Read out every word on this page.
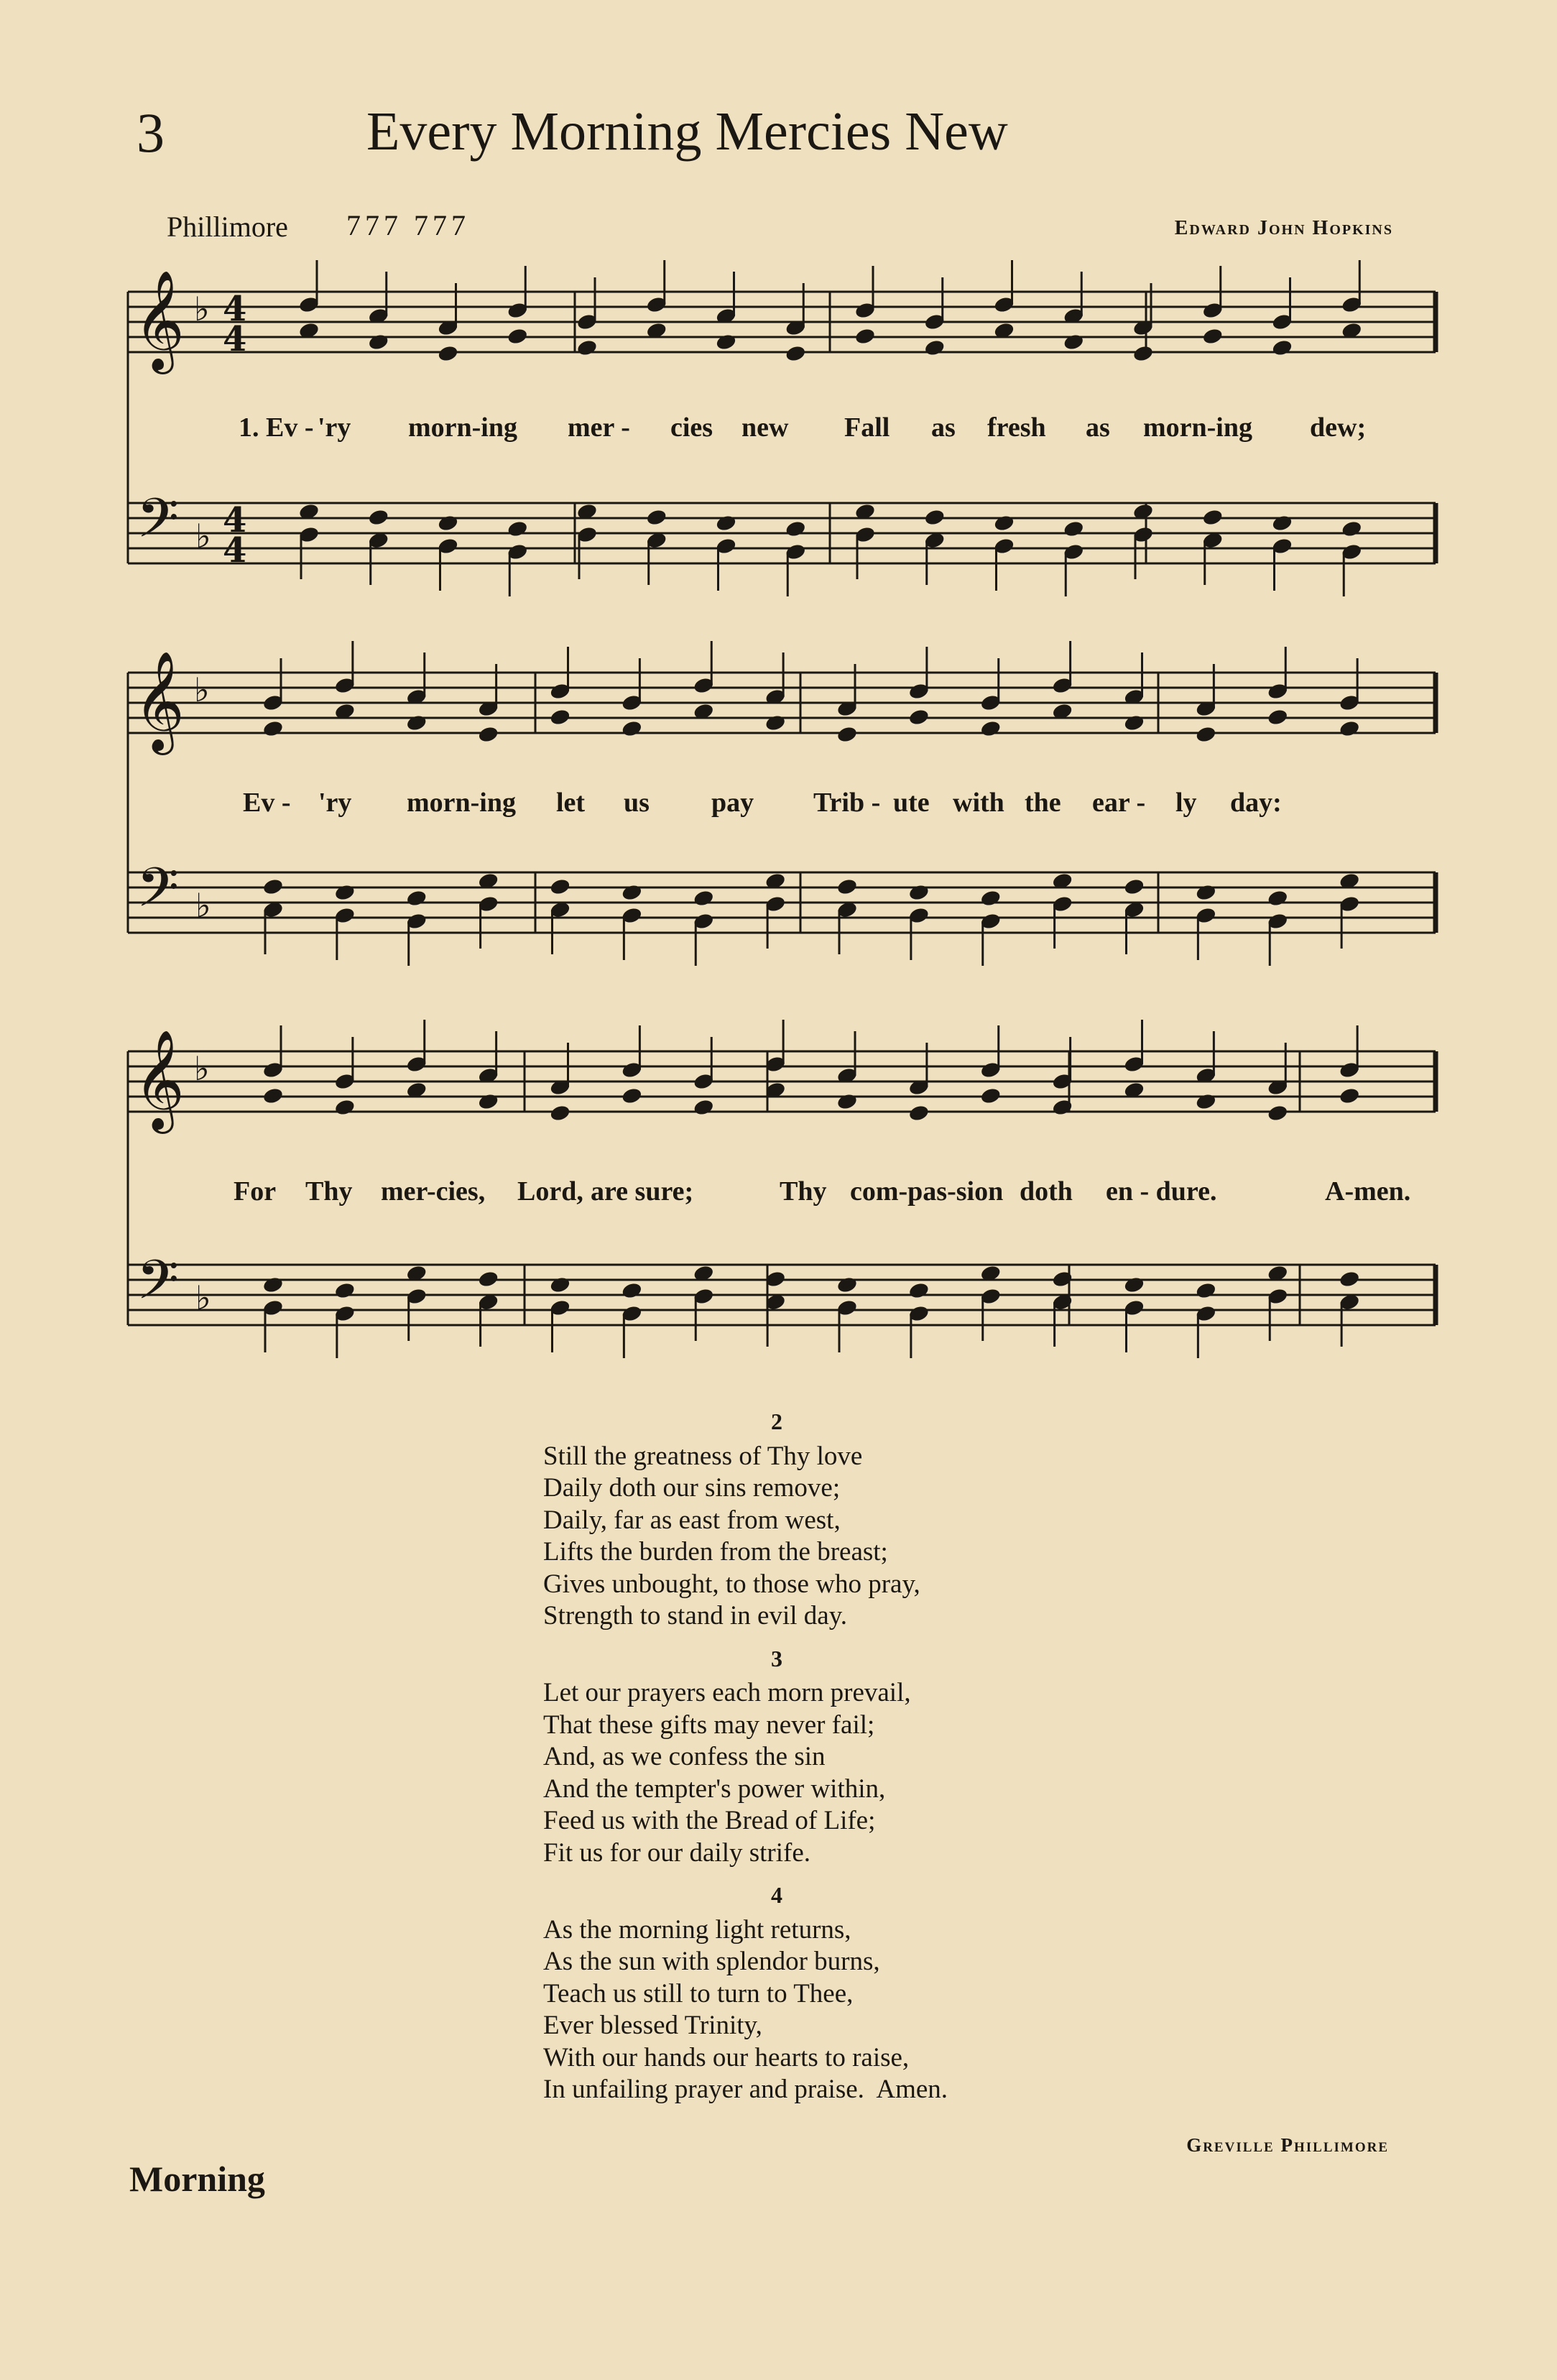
3	Every Morning Mercies New
Phillimore 777 777	Edward John Hopkins
𝄞
𝄢
♭
♭
4
4
4
4
𝄞
𝄢
♭
♭
𝄞
𝄢
♭
♭
1. Ev - 'ry morn-ing mer - cies new Fall as fresh as morn-ing dew;
Ev - 'ry morn-ing let us pay Trib - ute with the ear - ly day:
For Thy mer-cies, Lord, are sure;	Thy com-pas-sion doth en - dure.	A-men.
2
Still the greatness of Thy love
Daily doth our sins remove;
Daily, far as east from west,
Lifts the burden from the breast;
Gives unbought, to those who pray,
Strength to stand in evil day.
3
Let our prayers each morn prevail,
That these gifts may never fail;
And, as we confess the sin
And the tempter's power within,
Feed us with the Bread of Life;
Fit us for our daily strife.
4
As the morning light returns,
As the sun with splendor burns,
Teach us still to turn to Thee,
Ever blessed Trinity,
With our hands our hearts to raise,
In unfailing prayer and praise.  Amen.
Greville Phillimore
Morning
